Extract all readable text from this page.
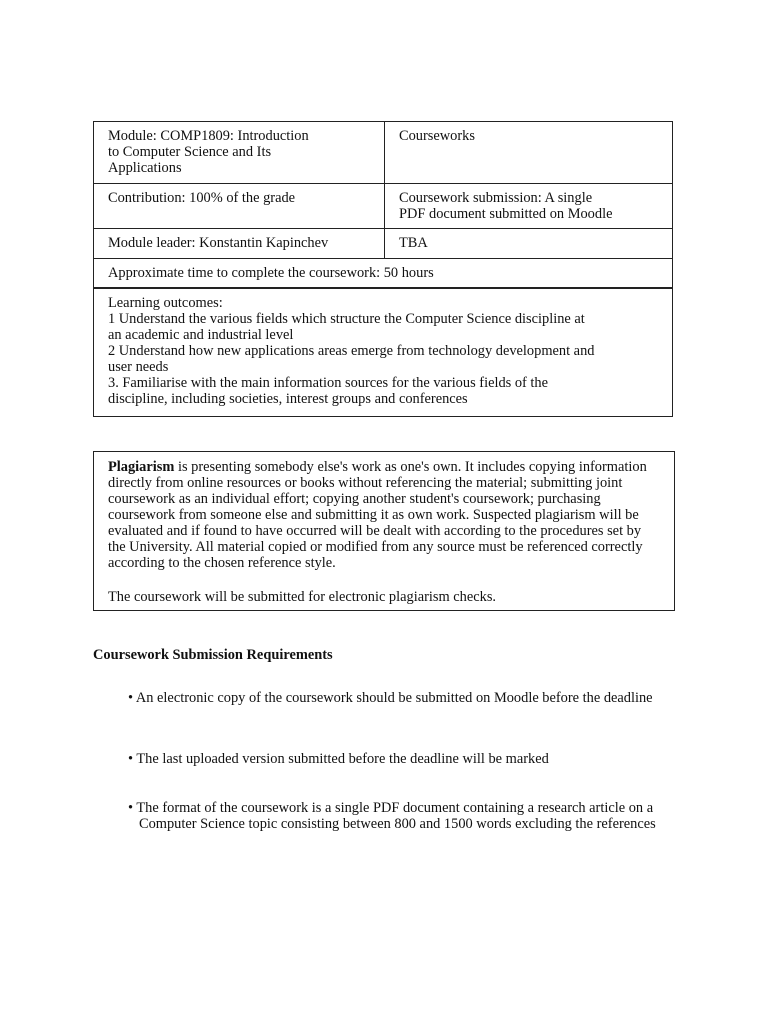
Module: COMP1809: Introduction
to Computer Science and Its
Applications
Courseworks
Contribution: 100% of the grade	Coursework submission: A single
PDF document submitted on Moodle
Module leader: Konstantin Kapinchev	TBA
Approximate time to complete the coursework: 50 hours
Learning outcomes:
1 Understand the various fields which structure the Computer Science discipline at
an academic and industrial level
2 Understand how new applications areas emerge from technology development and
user needs
3. Familiarise with the main information sources for the various fields of the
discipline, including societies, interest groups and conferences

Plagiarism is presenting somebody else's work as one's own. It includes copying information directly from online resources or books without referencing the material; submitting joint coursework as an individual effort; copying another student's coursework; purchasing coursework from someone else and submitting it as own work. Suspected plagiarism will be evaluated and if found to have occurred will be dealt with according to the procedures set by the University. All material copied or modified from any source must be referenced correctly according to the chosen reference style.

The coursework will be submitted for electronic plagiarism checks.

Coursework Submission Requirements
• An electronic copy of the coursework should be submitted on Moodle before the deadline
• The last uploaded version submitted before the deadline will be marked
• The format of the coursework is a single PDF document containing a research article on a Computer Science topic consisting between 800 and 1500 words excluding the references
